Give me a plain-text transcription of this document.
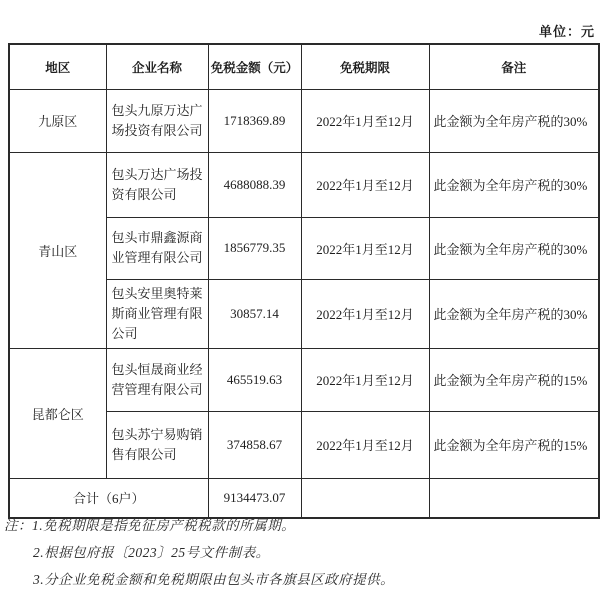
单位：元
地区	企业名称	免税金额（元）	免税期限	备注
九原区	包头九原万达广场投资有限公司	1718369.89	2022年1月至12月	此金额为全年房产税的30%
青山区	包头万达广场投资有限公司	4688088.39	2022年1月至12月	此金额为全年房产税的30%
	包头市鼎鑫源商业管理有限公司	1856779.35	2022年1月至12月	此金额为全年房产税的30%
	包头安里奥特莱斯商业管理有限公司	30857.14	2022年1月至12月	此金额为全年房产税的30%
昆都仑区	包头恒晟商业经营管理有限公司	465519.63	2022年1月至12月	此金额为全年房产税的15%
	包头苏宁易购销售有限公司	374858.67	2022年1月至12月	此金额为全年房产税的15%
合计（6户）		9134473.07		
注：1.免税期限是指免征房产税税款的所属期。
2.根据包府报〔2023〕25号文件制表。
3.分企业免税金额和免税期限由包头市各旗县区政府提供。
